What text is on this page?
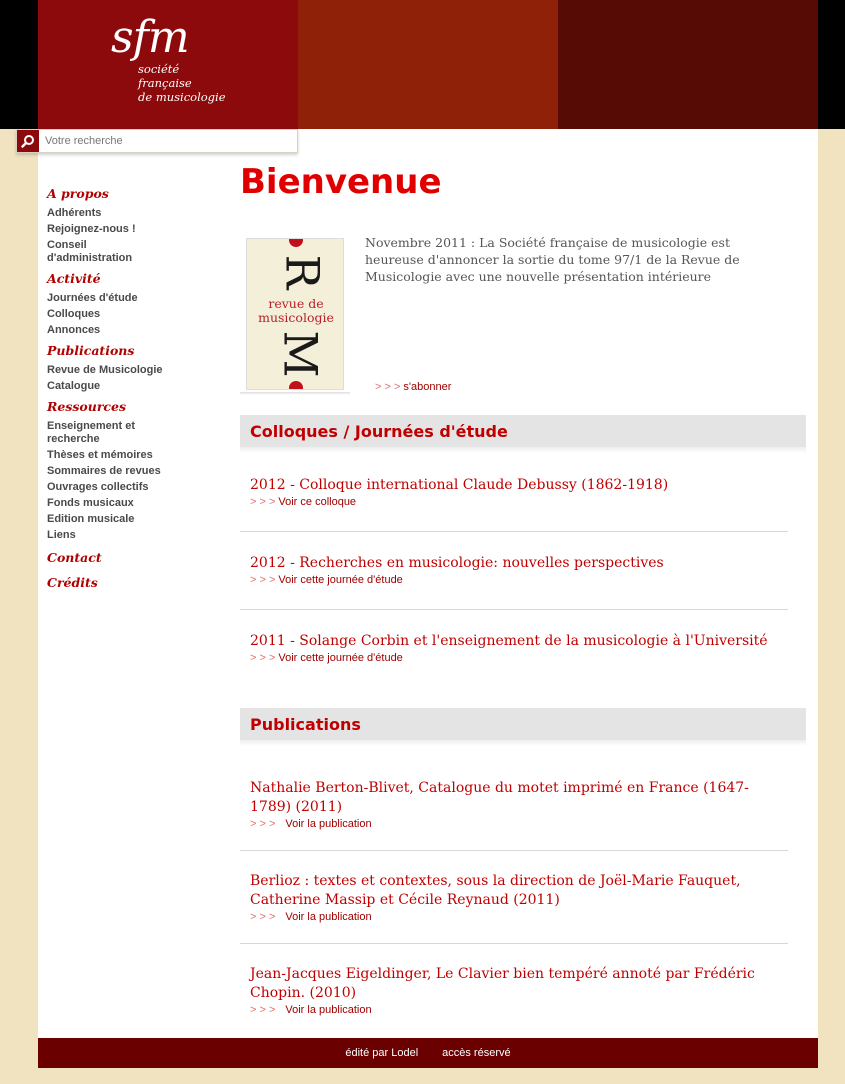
sfm
société
française
de musicologie
Votre recherche
A propos
Adhérents
Rejoignez-nous !
Conseil d'administration
Activité
Journées d'étude
Colloques
Annonces
Publications
Revue de Musicologie
Catalogue
Ressources
Enseignement et recherche
Thèses et mémoires
Sommaires de revues
Ouvrages collectifs
Fonds musicaux
Edition musicale
Liens
Contact
Crédits
Bienvenue
R
revue de
musicologie
M

Novembre 2011 : La Société française de musicologie est heureuse d'annoncer la sortie du tome 97/1 de la Revue de Musicologie avec une nouvelle présentation intérieure

> > > s'abonner
Colloques / Journées d'étude
2012 - Colloque international Claude Debussy (1862-1918)
> > > Voir ce colloque
2012 - Recherches en musicologie: nouvelles perspectives
> > > Voir cette journée d'étude
2011 - Solange Corbin et l'enseignement de la musicologie à l'Université
> > > Voir cette journée d'étude
Publications
Nathalie Berton-Blivet, Catalogue du motet imprimé en France (1647-1789) (2011)
> > > Voir la publication
Berlioz : textes et contextes, sous la direction de Joël-Marie Fauquet, Catherine Massip et Cécile Reynaud (2011)
> > > Voir la publication
Jean-Jacques Eigeldinger, Le Clavier bien tempéré annoté par Frédéric Chopin. (2010)
> > > Voir la publication
édité par Lodel accès réservé
